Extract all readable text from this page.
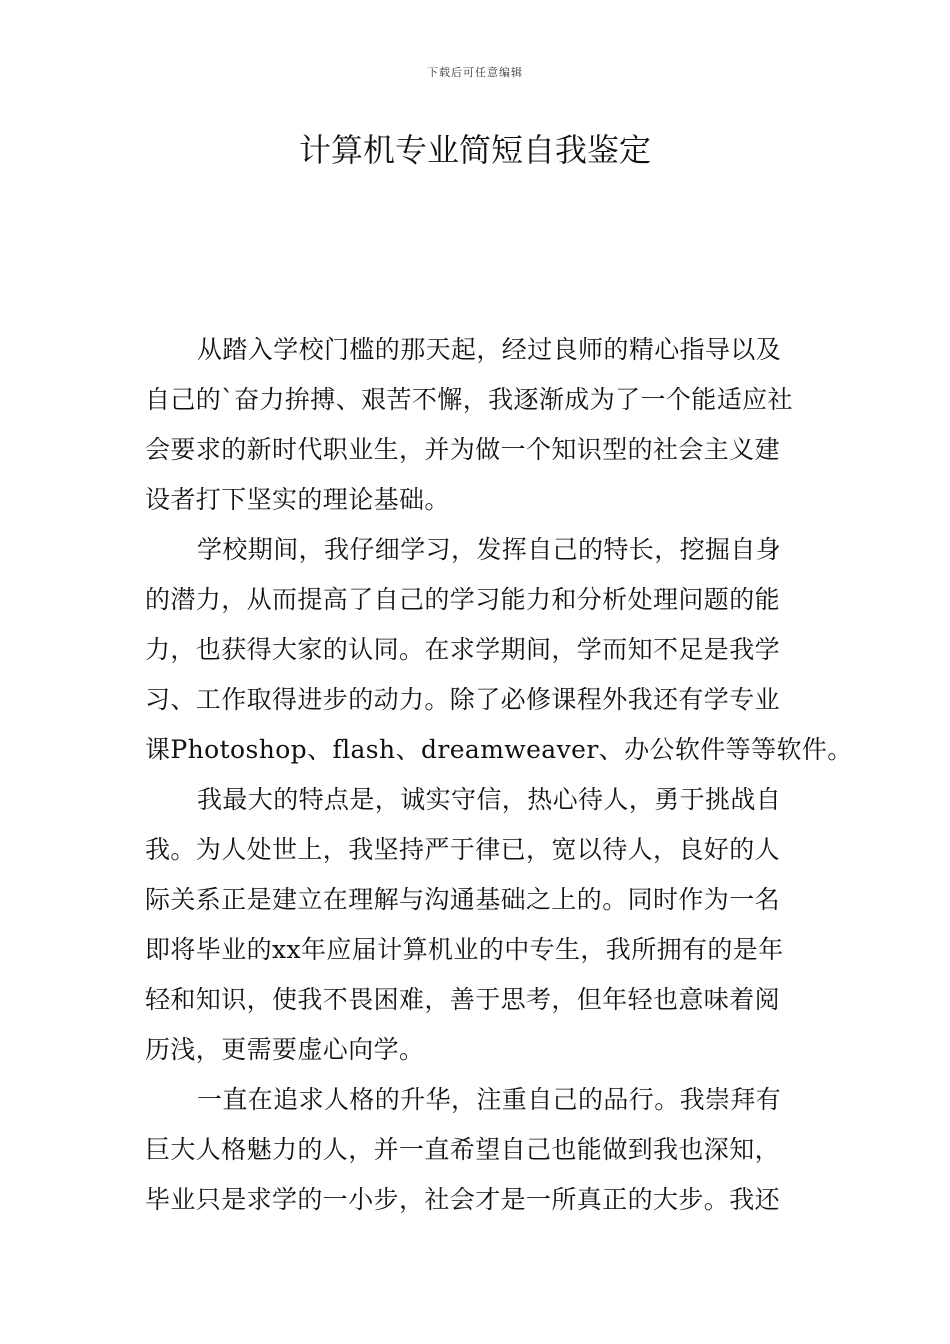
下载后可任意编辑
计算机专业简短自我鉴定

从踏入学校门槛的那天起，经过良师的精心指导以及
自己的`奋力拚搏、艰苦不懈，我逐渐成为了一个能适应社
会要求的新时代职业生，并为做一个知识型的社会主义建
设者打下坚实的理论基础。

学校期间，我仔细学习，发挥自己的特长，挖掘自身
的潜力，从而提高了自己的学习能力和分析处理问题的能
力，也获得大家的认同。在求学期间，学而知不足是我学
习、工作取得进步的动力。除了必修课程外我还有学专业
课Photoshop、flash、dreamweaver、办公软件等等软件。

我最大的特点是，诚实守信，热心待人，勇于挑战自
我。为人处世上，我坚持严于律已，宽以待人，良好的人
际关系正是建立在理解与沟通基础之上的。同时作为一名
即将毕业的xx年应届计算机业的中专生，我所拥有的是年
轻和知识，使我不畏困难，善于思考，但年轻也意味着阅
历浅，更需要虚心向学。

一直在追求人格的升华，注重自己的品行。我崇拜有
巨大人格魅力的人，并一直希望自己也能做到我也深知，
毕业只是求学的一小步，社会才是一所真正的大步。我还
